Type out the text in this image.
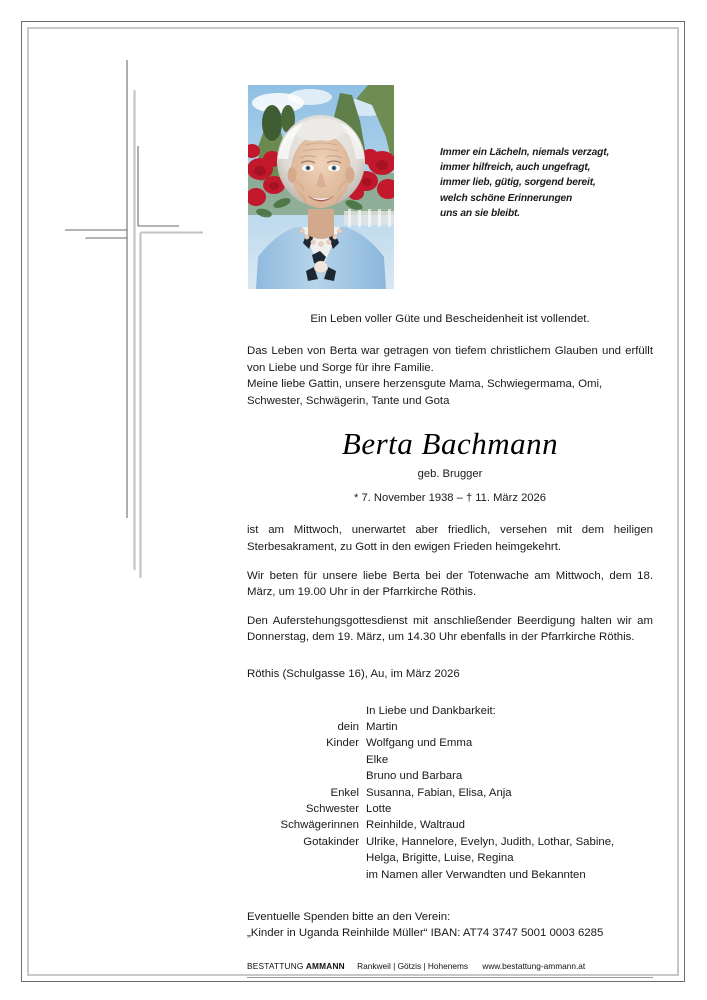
Immer ein Lächeln, niemals verzagt,
immer hilfreich, auch ungefragt,
immer lieb, gütig, sorgend bereit,
welch schöne Erinnerungen
uns an sie bleibt.

Ein Leben voller Güte und Bescheidenheit ist vollendet.

Das Leben von Berta war getragen von tiefem christlichem Glauben und erfüllt von Liebe und Sorge für ihre Familie.

Meine liebe Gattin, unsere herzensgute Mama, Schwiegermama, Omi, Schwester, Schwägerin, Tante und Gota

Berta Bachmann
geb. Brugger
* 7. November 1938 – † 11. März 2026

ist am Mittwoch, unerwartet aber friedlich, versehen mit dem heiligen Sterbesakrament, zu Gott in den ewigen Frieden heimgekehrt.

Wir beten für unsere liebe Berta bei der Totenwache am Mittwoch, dem 18. März, um 19.00 Uhr in der Pfarrkirche Röthis.

Den Auferstehungsgottesdienst mit anschließender Beerdigung halten wir am Donnerstag, dem 19. März, um 14.30 Uhr ebenfalls in der Pfarrkirche Röthis.

Röthis (Schulgasse 16), Au, im März 2026

	In Liebe und Dankbarkeit:
dein	Martin
Kinder	Wolfgang und Emma
	Elke
	Bruno und Barbara
Enkel	Susanna, Fabian, Elisa, Anja
Schwester	Lotte
Schwägerinnen	Reinhilde, Waltraud
Gotakinder	Ulrike, Hannelore, Evelyn, Judith, Lothar, Sabine,
	Helga, Brigitte, Luise, Regina
	im Namen aller Verwandten und Bekannten
Eventuelle Spenden bitte an den Verein:
„Kinder in Uganda Reinhilde Müller“ IBAN: AT74 3747 5001 0003 6285
BESTATTUNG AMMANN Rankweil | Götzis | Hohenems www.bestattung-ammann.at
